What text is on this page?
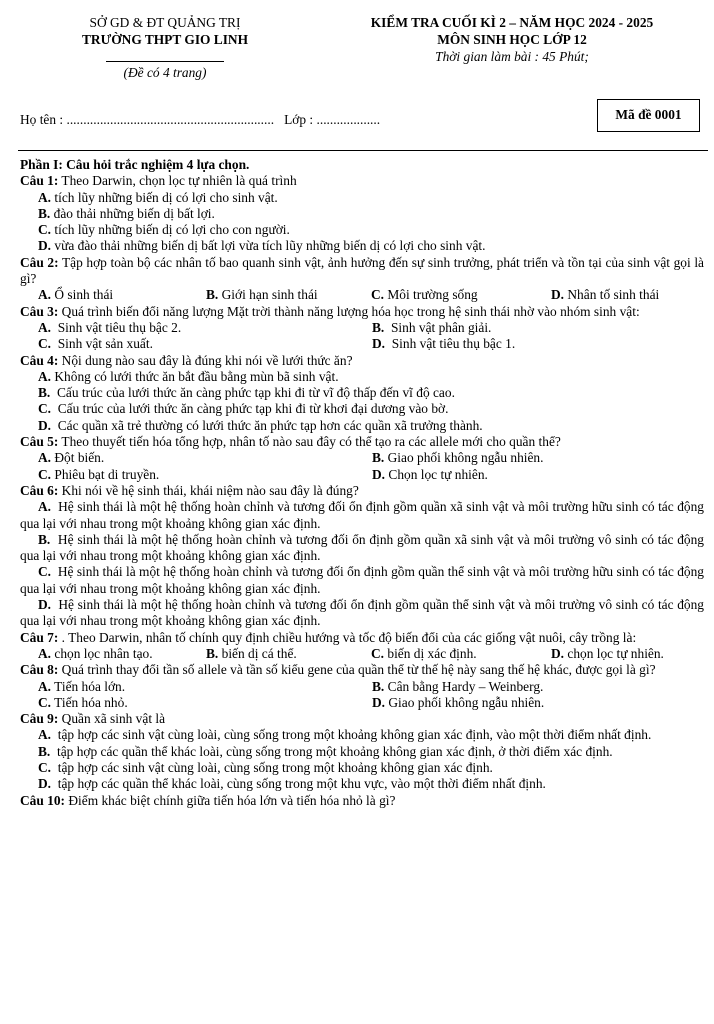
SỞ GD & ĐT QUẢNG TRỊ
TRƯỜNG THPT GIO LINH
(Đề có 4 trang)
KIỂM TRA CUỐI KÌ 2 – NĂM HỌC 2024 - 2025
MÔN SINH HỌC LỚP 12
Thời gian làm bài : 45 Phút;
Họ tên : .............................................................. Lớp : ...................	Mã đề 0001
Phần I: Câu hỏi trắc nghiệm 4 lựa chọn.
Câu 1: Theo Darwin, chọn lọc tự nhiên là quá trình
A. tích lũy những biến dị có lợi cho sinh vật.
B. đào thải những biến dị bất lợi.
C. tích lũy những biến dị có lợi cho con người.
D. vừa đào thải những biến dị bất lợi vừa tích lũy những biến dị có lợi cho sinh vật.
Câu 2: Tập hợp toàn bộ các nhân tố bao quanh sinh vật, ảnh hưởng đến sự sinh trưởng, phát triển và tồn tại của sinh vật gọi là gì?
A. Ổ sinh thái	B. Giới hạn sinh thái	C. Môi trường sống	D. Nhân tố sinh thái
Câu 3: Quá trình biến đổi năng lượng Mặt trời thành năng lượng hóa học trong hệ sinh thái nhờ vào nhóm sinh vật:
A. Sinh vật tiêu thụ bậc 2.	B. Sinh vật phân giải.
C. Sinh vật sản xuất.	D. Sinh vật tiêu thụ bậc 1.
Câu 4: Nội dung nào sau đây là đúng khi nói về lưới thức ăn?
A. Không có lưới thức ăn bắt đầu bằng mùn bã sinh vật.
B. Cấu trúc của lưới thức ăn càng phức tạp khi đi từ vĩ độ thấp đến vĩ độ cao.
C. Cấu trúc của lưới thức ăn càng phức tạp khi đi từ khơi đại dương vào bờ.
D. Các quần xã trẻ thường có lưới thức ăn phức tạp hơn các quần xã trưởng thành.
Câu 5: Theo thuyết tiến hóa tổng hợp, nhân tố nào sau đây có thể tạo ra các allele mới cho quần thể?
A. Đột biến.	B. Giao phối không ngẫu nhiên.
C. Phiêu bạt di truyền.	D. Chọn lọc tự nhiên.
Câu 6: Khi nói về hệ sinh thái, khái niệm nào sau đây là đúng?
A. Hệ sinh thái là một hệ thống hoàn chỉnh và tương đối ổn định gồm quần xã sinh vật và môi trường hữu sinh có tác động qua lại với nhau trong một khoảng không gian xác định.
B. Hệ sinh thái là một hệ thống hoàn chỉnh và tương đối ổn định gồm quần xã sinh vật và môi trường vô sinh có tác động qua lại với nhau trong một khoảng không gian xác định.
C. Hệ sinh thái là một hệ thống hoàn chỉnh và tương đối ổn định gồm quần thể sinh vật và môi trường hữu sinh có tác động qua lại với nhau trong một khoảng không gian xác định.
D. Hệ sinh thái là một hệ thống hoàn chỉnh và tương đối ổn định gồm quần thể sinh vật và môi trường vô sinh có tác động qua lại với nhau trong một khoảng không gian xác định.
Câu 7: . Theo Darwin, nhân tố chính quy định chiều hướng và tốc độ biến đổi của các giống vật nuôi, cây trồng là:
A. chọn lọc nhân tạo.	B. biến dị cá thể.	C. biến dị xác định.	D. chọn lọc tự nhiên.
Câu 8: Quá trình thay đổi tần số allele và tần số kiểu gene của quần thể từ thế hệ này sang thế hệ khác, được gọi là gì?
A. Tiến hóa lớn.	B. Cân bằng Hardy – Weinberg.
C. Tiến hóa nhỏ.	D. Giao phối không ngẫu nhiên.
Câu 9: Quần xã sinh vật là
A. tập hợp các sinh vật cùng loài, cùng sống trong một khoảng không gian xác định, vào một thời điểm nhất định.
B. tập hợp các quần thể khác loài, cùng sống trong một khoảng không gian xác định, ở thời điểm xác định.
C. tập hợp các sinh vật cùng loài, cùng sống trong một khoảng không gian xác định.
D. tập hợp các quần thể khác loài, cùng sống trong một khu vực, vào một thời điểm nhất định.
Câu 10: Điểm khác biệt chính giữa tiến hóa lớn và tiến hóa nhỏ là gì?
